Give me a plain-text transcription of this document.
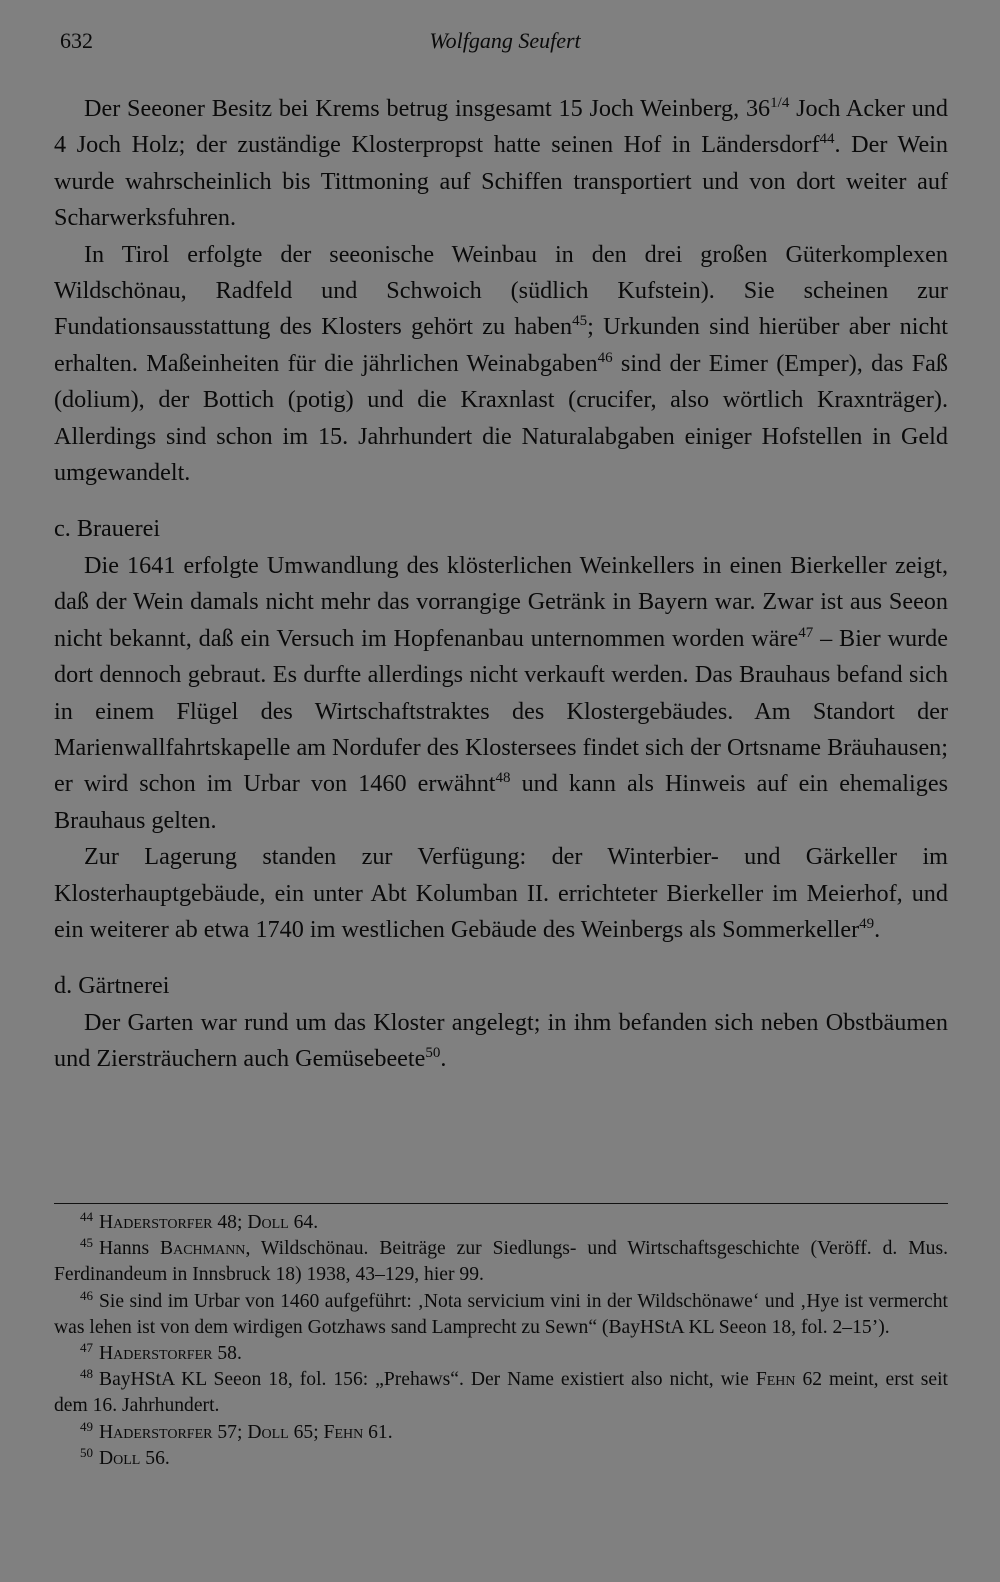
632	Wolfgang Seufert

Der Seeoner Besitz bei Krems betrug insgesamt 15 Joch Weinberg, $36^{1/4}$ Joch Acker und 4 Joch Holz; der zuständige Klosterpropst hatte seinen Hof in Ländersdorf$^{44}$. Der Wein wurde wahrscheinlich bis Tittmoning auf Schiffen transportiert und von dort weiter auf Scharwerksfuhren.

In Tirol erfolgte der seeonische Weinbau in den drei großen Güterkomplexen Wildschönau, Radfeld und Schwoich (südlich Kufstein). Sie scheinen zur Fundationsausstattung des Klosters gehört zu haben$^{45}$; Urkunden sind hierüber aber nicht erhalten. Maßeinheiten für die jährlichen Weinabgaben$^{46}$ sind der Eimer (Emper), das Faß (dolium), der Bottich (potig) und die Kraxnlast (crucifer, also wörtlich Kraxnträger). Allerdings sind schon im 15. Jahrhundert die Naturalabgaben einiger Hofstellen in Geld umgewandelt.

c. Brauerei

Die 1641 erfolgte Umwandlung des klösterlichen Weinkellers in einen Bierkeller zeigt, daß der Wein damals nicht mehr das vorrangige Getränk in Bayern war. Zwar ist aus Seeon nicht bekannt, daß ein Versuch im Hopfenanbau unternommen worden wäre$^{47}$ – Bier wurde dort dennoch gebraut. Es durfte allerdings nicht verkauft werden. Das Brauhaus befand sich in einem Flügel des Wirtschaftstraktes des Klostergebäudes. Am Standort der Marienwallfahrtskapelle am Nordufer des Klostersees findet sich der Ortsname Bräuhausen; er wird schon im Urbar von 1460 erwähnt$^{48}$ und kann als Hinweis auf ein ehemaliges Brauhaus gelten.

Zur Lagerung standen zur Verfügung: der Winterbier- und Gärkeller im Klosterhauptgebäude, ein unter Abt Kolumban II. errichteter Bierkeller im Meierhof, und ein weiterer ab etwa 1740 im westlichen Gebäude des Weinbergs als Sommerkeller$^{49}$.

d. Gärtnerei

Der Garten war rund um das Kloster angelegt; in ihm befanden sich neben Obstbäumen und Ziersträuchern auch Gemüsebeete$^{50}$.

$^{44}$ Haderstorfer 48; Doll 64.

$^{45}$ Hanns Bachmann, Wildschönau. Beiträge zur Siedlungs- und Wirtschaftsgeschichte (Veröff. d. Mus. Ferdinandeum in Innsbruck 18) 1938, 43–129, hier 99.

$^{46}$ Sie sind im Urbar von 1460 aufgeführt: ‚Nota servicium vini in der Wildschönawe‘ und ‚Hye ist vermercht was lehen ist von dem wirdigen Gotzhaws sand Lamprecht zu Sewn“ (BayHStA KL Seeon 18, fol. 2–15’).

$^{47}$ Haderstorfer 58.

$^{48}$ BayHStA KL Seeon 18, fol. 156: „Prehaws“. Der Name existiert also nicht, wie Fehn 62 meint, erst seit dem 16. Jahrhundert.

$^{49}$ Haderstorfer 57; Doll 65; Fehn 61.

$^{50}$ Doll 56.
